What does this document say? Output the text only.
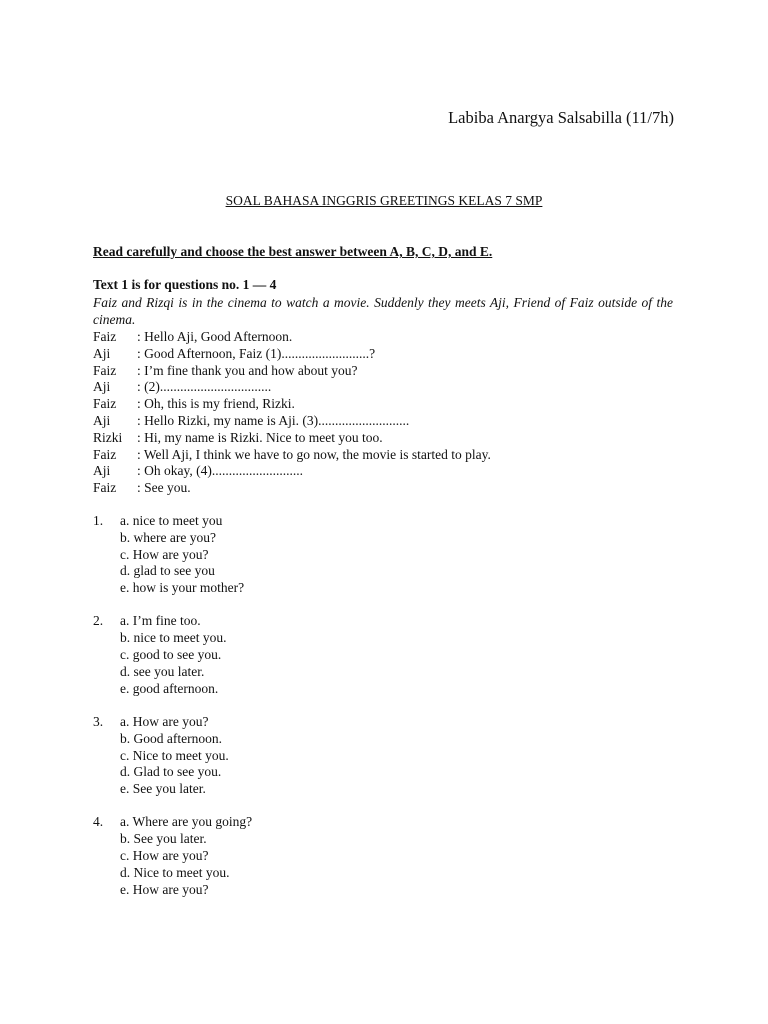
Labiba Anargya Salsabilla (11/7h)
SOAL BAHASA INGGRIS GREETINGS KELAS 7 SMP
Read carefully and choose the best answer between A, B, C, D, and E.
Text 1 is for questions no. 1 — 4
Faiz and Rizqi is in the cinema to watch a movie. Suddenly they meets Aji, Friend of Faiz outside of the cinema.
Faiz : Hello Aji, Good Afternoon.
Aji : Good Afternoon, Faiz (1)..........................?
Faiz : I’m fine thank you and how about you?
Aji : (2).................................
Faiz : Oh, this is my friend, Rizki.
Aji : Hello Rizki, my name is Aji. (3)...........................
Rizki : Hi, my name is Rizki. Nice to meet you too.
Faiz : Well Aji, I think we have to go now, the movie is started to play.
Aji : Oh okay, (4)...........................
Faiz : See you.
1. a. nice to meet you
b. where are you?
c. How are you?
d. glad to see you
e. how is your mother?
2. a. I’m fine too.
b. nice to meet you.
c. good to see you.
d. see you later.
e. good afternoon.
3. a. How are you?
b. Good afternoon.
c. Nice to meet you.
d. Glad to see you.
e. See you later.
4. a. Where are you going?
b. See you later.
c. How are you?
d. Nice to meet you.
e. How are you?
